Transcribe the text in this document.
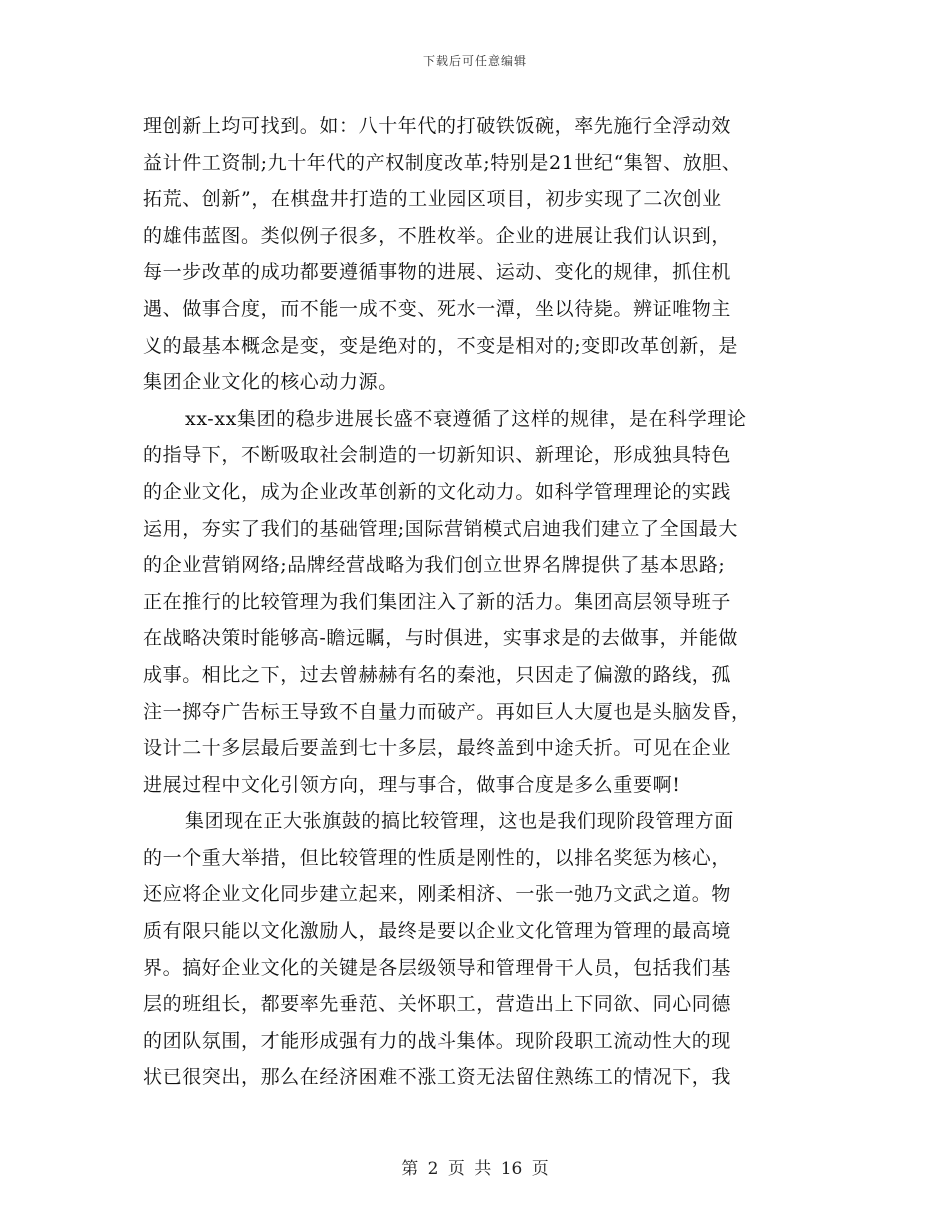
下载后可任意编辑
理创新上均可找到。如：八十年代的打破铁饭碗，率先施行全浮动效
益计件工资制;九十年代的产权制度改革;特别是21世纪“集智、放胆、
拓荒、创新”，在棋盘井打造的工业园区项目，初步实现了二次创业
的雄伟蓝图。类似例子很多，不胜枚举。企业的进展让我们认识到，
每一步改革的成功都要遵循事物的进展、运动、变化的规律，抓住机
遇、做事合度，而不能一成不变、死水一潭，坐以待毙。辨证唯物主
义的最基本概念是变，变是绝对的，不变是相对的;变即改革创新，是
集团企业文化的核心动力源。
xx-xx集团的稳步进展长盛不衰遵循了这样的规律，是在科学理论
的指导下，不断吸取社会制造的一切新知识、新理论，形成独具特色
的企业文化，成为企业改革创新的文化动力。如科学管理理论的实践
运用，夯实了我们的基础管理;国际营销模式启迪我们建立了全国最大
的企业营销网络;品牌经营战略为我们创立世界名牌提供了基本思路;
正在推行的比较管理为我们集团注入了新的活力。集团高层领导班子
在战略决策时能够高-瞻远瞩，与时俱进，实事求是的去做事，并能做
成事。相比之下，过去曾赫赫有名的秦池，只因走了偏激的路线，孤
注一掷夺广告标王导致不自量力而破产。再如巨人大厦也是头脑发昏，
设计二十多层最后要盖到七十多层，最终盖到中途夭折。可见在企业
进展过程中文化引领方向，理与事合，做事合度是多么重要啊!
集团现在正大张旗鼓的搞比较管理，这也是我们现阶段管理方面
的一个重大举措，但比较管理的性质是刚性的，以排名奖惩为核心，
还应将企业文化同步建立起来，刚柔相济、一张一弛乃文武之道。物
质有限只能以文化激励人，最终是要以企业文化管理为管理的最高境
界。搞好企业文化的关键是各层级领导和管理骨干人员，包括我们基
层的班组长，都要率先垂范、关怀职工，营造出上下同欲、同心同德
的团队氛围，才能形成强有力的战斗集体。现阶段职工流动性大的现
状已很突出，那么在经济困难不涨工资无法留住熟练工的情况下，我
第 2 页 共 16 页
